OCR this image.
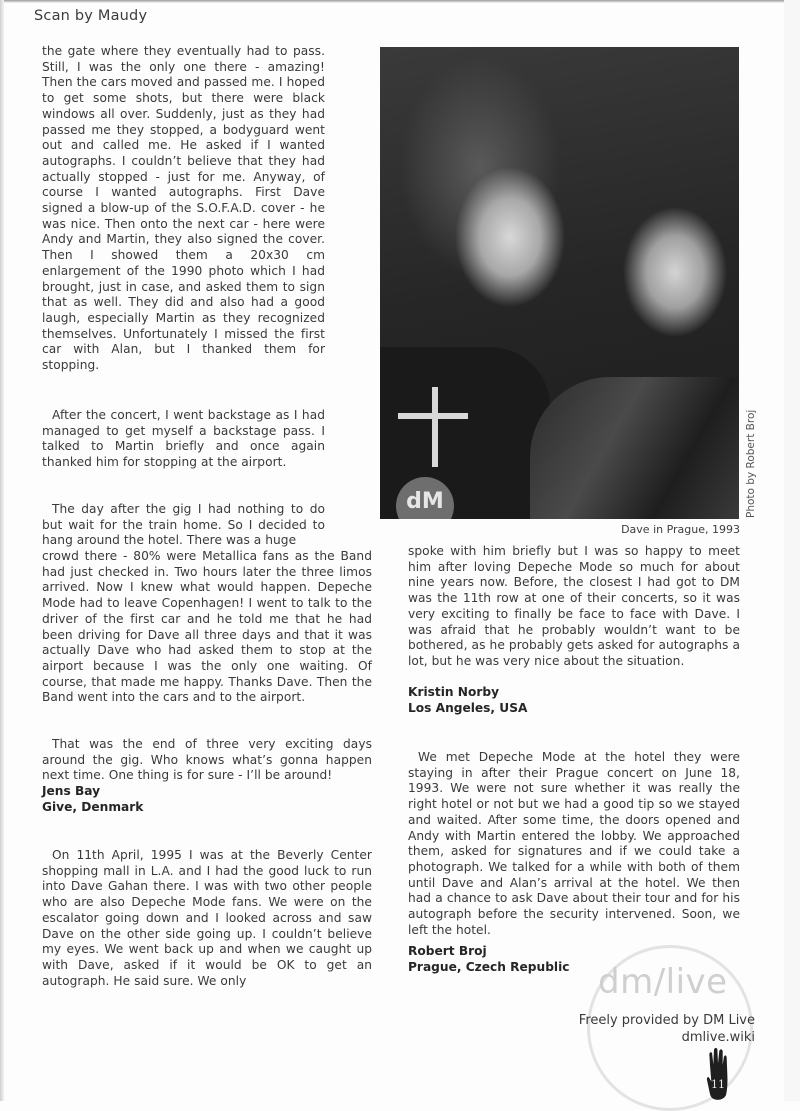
Scan by Maudy
the gate where they eventually had to pass. Still, I was the only one there - amazing! Then the cars moved and passed me. I hoped to get some shots, but there were black windows all over. Suddenly, just as they had passed me they stopped, a bodyguard went out and called me. He asked if I wanted autographs. I couldn’t believe that they had actually stopped - just for me. Anyway, of course I wanted autographs. First Dave signed a blow-up of the S.O.F.A.D. cover - he was nice. Then onto the next car - here were Andy and Martin, they also signed the cover. Then I showed them a 20x30 cm enlargement of the 1990 photo which I had brought, just in case, and asked them to sign that as well. They did and also had a good laugh, especially Martin as they recognized themselves. Unfortunately I missed the first car with Alan, but I thanked them for stopping.
After the concert, I went backstage as I had managed to get myself a backstage pass. I talked to Martin briefly and once again thanked him for stopping at the airport.
The day after the gig I had nothing to do but wait for the train home. So I decided to hang around the hotel. There was a huge
crowd there - 80% were Metallica fans as the Band had just checked in. Two hours later the three limos arrived. Now I knew what would happen. Depeche Mode had to leave Copenhagen! I went to talk to the driver of the first car and he told me that he had been driving for Dave all three days and that it was actually Dave who had asked them to stop at the airport because I was the only one waiting. Of course, that made me happy. Thanks Dave. Then the Band went into the cars and to the airport.
That was the end of three very exciting days around the gig. Who knows what’s gonna happen next time. One thing is for sure - I’ll be around!
Jens Bay
Give, Denmark
On 11th April, 1995 I was at the Beverly Center shopping mall in L.A. and I had the good luck to run into Dave Gahan there. I was with two other people who are also Depeche Mode fans. We were on the escalator going down and I looked across and saw Dave on the other side going up. I couldn’t believe my eyes. We went back up and when we caught up with Dave, asked if it would be OK to get an autograph. He said sure. We only
dM	Photo by Robert Broj
Dave in Prague, 1993
spoke with him briefly but I was so happy to meet him after loving Depeche Mode so much for about nine years now. Before, the closest I had got to DM was the 11th row at one of their concerts, so it was very exciting to finally be face to face with Dave. I was afraid that he probably wouldn’t want to be bothered, as he probably gets asked for autographs a lot, but he was very nice about the situation.
Kristin Norby
Los Angeles, USA
We met Depeche Mode at the hotel they were staying in after their Prague concert on June 18, 1993. We were not sure whether it was really the right hotel or not but we had a good tip so we stayed and waited. After some time, the doors opened and Andy with Martin entered the lobby. We approached them, asked for signatures and if we could take a photograph. We talked for a while with both of them until Dave and Alan’s arrival at the hotel. We then had a chance to ask Dave about their tour and for his autograph before the security intervened. Soon, we left the hotel.
Robert Broj
Prague, Czech Republic dm/live
Freely provided by DM Live
dmlive.wiki
11
